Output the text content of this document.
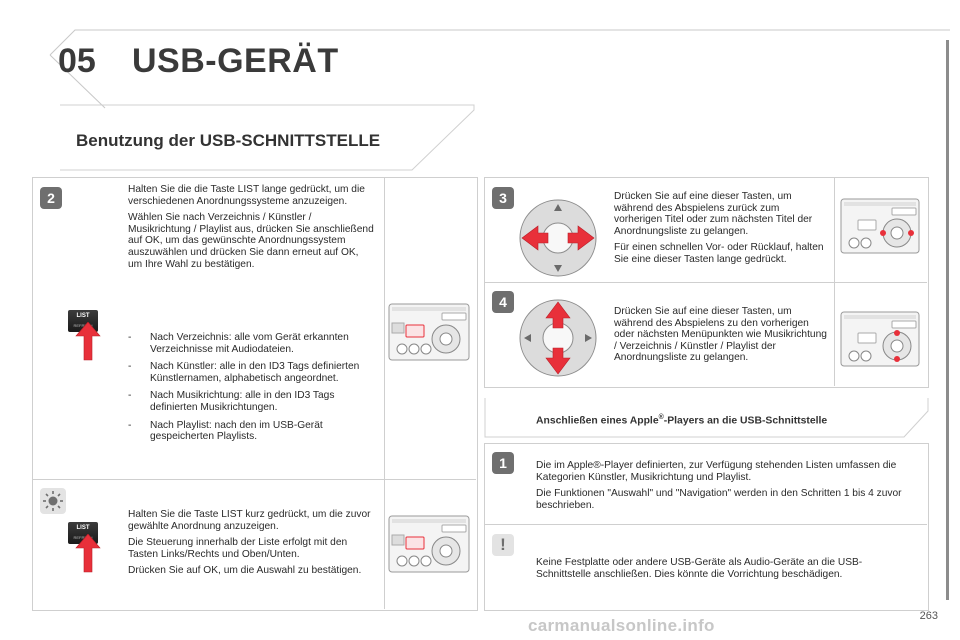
05 USB-GERÄT
Benutzung der USB-SCHNITTSTELLE
2

Halten Sie die die Taste LIST lange gedrückt, um die verschiedenen Anordnungssysteme anzuzeigen.

Wählen Sie nach Verzeichnis / Künstler / Musikrichtung / Playlist aus, drücken Sie anschließend auf OK, um das gewünschte Anordnungssystem auszuwählen und drücken Sie dann erneut auf OK, um Ihre Wahl zu bestätigen.

LIST
REFRESH
- Nach Verzeichnis: alle vom Gerät erkannten Verzeichnisse mit Audiodateien.
- Nach Künstler: alle in den ID3 Tags definierten Künstlernamen, alphabetisch angeordnet.
- Nach Musikrichtung: alle in den ID3 Tags definierten Musikrichtungen.
- Nach Playlist: nach den im USB-Gerät gespeicherten Playlists.
LIST
REFRESH

Halten Sie die Taste LIST kurz gedrückt, um die zuvor gewählte Anordnung anzuzeigen.

Die Steuerung innerhalb der Liste erfolgt mit den Tasten Links/Rechts und Oben/Unten.

Drücken Sie auf OK, um die Auswahl zu bestätigen.

3	Drücken Sie auf eine dieser Tasten, um während des Abspielens zurück zum vorherigen Titel oder zum nächsten Titel der Anordnungsliste zu gelangen.

Für einen schnellen Vor- oder Rücklauf, halten Sie eine dieser Tasten lange gedrückt.

4

Drücken Sie auf eine dieser Tasten, um während des Abspielens zu den vorherigen oder nächsten Menüpunkten wie Musikrichtung / Verzeichnis / Künstler / Playlist der Anordnungsliste zu gelangen.

Anschließen eines Apple®-Players an die USB-Schnittstelle
1	Die im Apple®-Player definierten, zur Verfügung stehenden Listen umfassen die Kategorien Künstler, Musikrichtung und Playlist.

Die Funktionen "Auswahl" und "Navigation" werden in den Schritten 1 bis 4 zuvor beschrieben.

!
Keine Festplatte oder andere USB-Geräte als Audio-Geräte an die USB-Schnittstelle anschließen. Dies könnte die Vorrichtung beschädigen.
263
carmanualsonline.info
